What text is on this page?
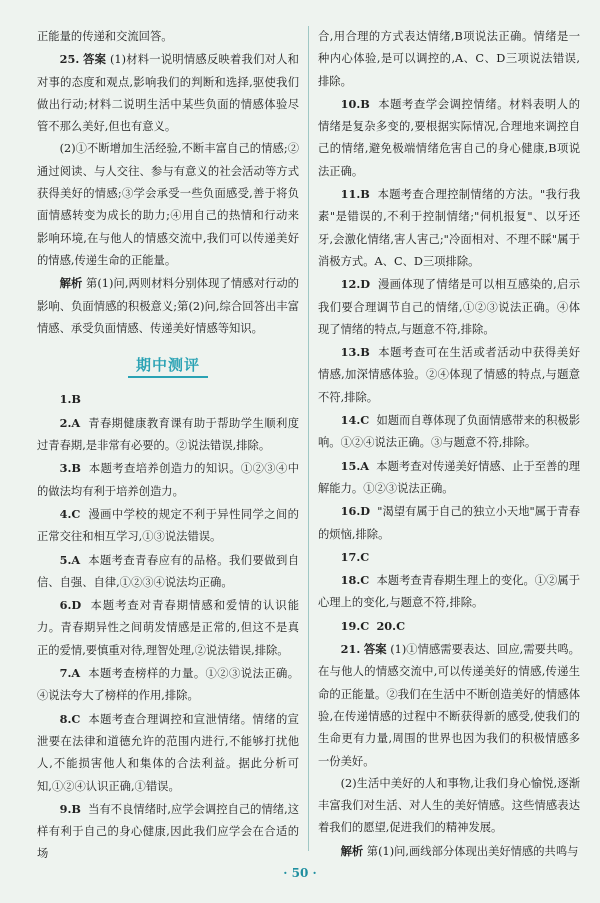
正能量的传递和交流回答。

25. 答案 (1)材料一说明情感反映着我们对人和对事的态度和观点,影响我们的判断和选择,驱使我们做出行动;材料二说明生活中某些负面的情感体验尽管不那么美好,但也有意义。

(2)①不断增加生活经验,不断丰富自己的情感;②通过阅读、与人交往、参与有意义的社会活动等方式获得美好的情感;③学会承受一些负面感受,善于将负面情感转变为成长的助力;④用自己的热情和行动来影响环境,在与他人的情感交流中,我们可以传递美好的情感,传递生命的正能量。

解析 第(1)问,两则材料分别体现了情感对行动的影响、负面情感的积极意义;第(2)问,综合回答出丰富情感、承受负面情感、传递美好情感等知识。

期中测评

1.B

2.A 青春期健康教育课有助于帮助学生顺利度过青春期,是非常有必要的。②说法错误,排除。

3.B 本题考查培养创造力的知识。①②③④中的做法均有利于培养创造力。

4.C 漫画中学校的规定不利于异性同学之间的正常交往和相互学习,①③说法错误。

5.A 本题考查青春应有的品格。我们要做到自信、自强、自律,①②③④说法均正确。

6.D 本题考查对青春期情感和爱情的认识能力。青春期异性之间萌发情感是正常的,但这不是真正的爱情,要慎重对待,理智处理,②说法错误,排除。

7.A 本题考查榜样的力量。①②③说法正确。④说法夸大了榜样的作用,排除。

8.C 本题考查合理调控和宣泄情绪。情绪的宣泄要在法律和道德允许的范围内进行,不能够打扰他人,不能损害他人和集体的合法利益。据此分析可知,①②④认识正确,①错误。

9.B 当有不良情绪时,应学会调控自己的情绪,这样有利于自己的身心健康,因此我们应学会在合适的场

合,用合理的方式表达情绪,B项说法正确。情绪是一种内心体验,是可以调控的,A、C、D三项说法错误,排除。

10.B 本题考查学会调控情绪。材料表明人的情绪是复杂多变的,要根据实际情况,合理地来调控自己的情绪,避免极端情绪危害自己的身心健康,B项说法正确。

11.B 本题考查合理控制情绪的方法。"我行我素"是错误的,不利于控制情绪;"伺机报复"、以牙还牙,会激化情绪,害人害己;"冷面相对、不理不睬"属于消极方式。A、C、D三项排除。

12.D 漫画体现了情绪是可以相互感染的,启示我们要合理调节自己的情绪,①②③说法正确。④体现了情绪的特点,与题意不符,排除。

13.B 本题考查可在生活或者活动中获得美好情感,加深情感体验。②④体现了情感的特点,与题意不符,排除。

14.C 如题而自尊体现了负面情感带来的积极影响。①②④说法正确。③与题意不符,排除。

15.A 本题考查对传递美好情感、止于至善的理解能力。①②③说法正确。

16.D "渴望有属于自己的独立小天地"属于青春的烦恼,排除。

17.C

18.C 本题考查青春期生理上的变化。①②属于心理上的变化,与题意不符,排除。

19.C 20.C

21. 答案 (1)①情感需要表达、回应,需要共鸣。在与他人的情感交流中,可以传递美好的情感,传递生命的正能量。②我们在生活中不断创造美好的情感体验,在传递情感的过程中不断获得新的感受,使我们的生命更有力量,周围的世界也因为我们的积极情感多一份美好。

(2)生活中美好的人和事物,让我们身心愉悦,逐渐丰富我们对生活、对人生的美好情感。这些情感表达着我们的愿望,促进我们的精神发展。

解析 第(1)问,画线部分体现出美好情感的共鸣与

· 50 ·
